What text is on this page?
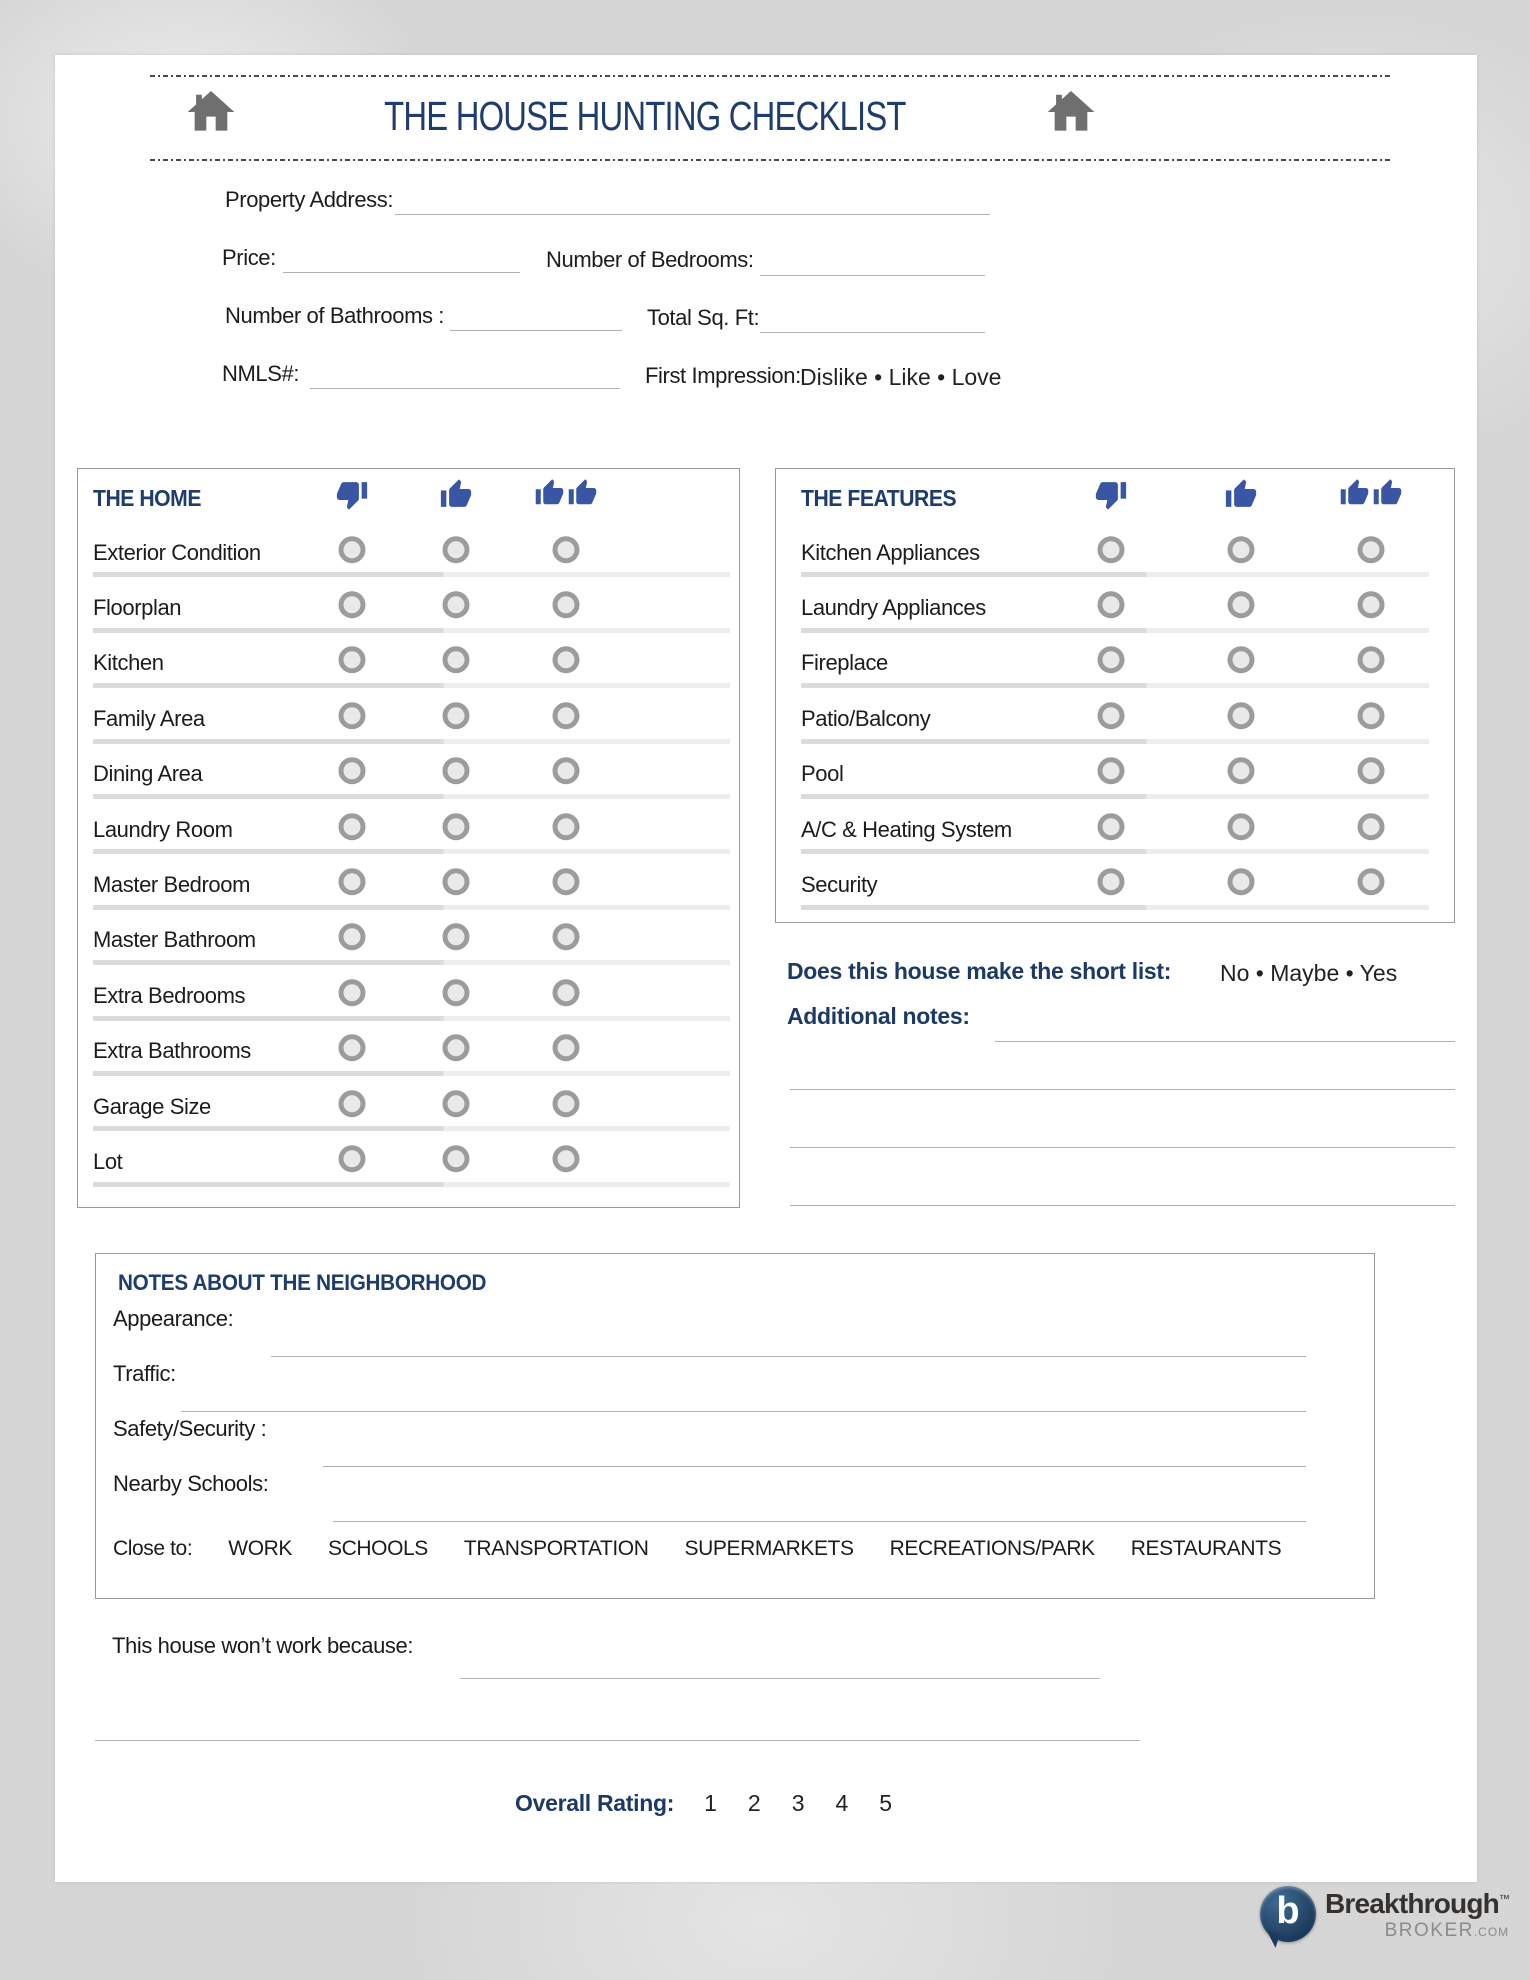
THE HOUSE HUNTING CHECKLIST
Property Address:
Price:	Number of Bedrooms:
Number of Bathrooms :	Total Sq. Ft:
NMLS#:	First Impression: Dislike • Like • Love
THE HOME
Exterior Condition
Floorplan
Kitchen
Family Area
Dining Area
Laundry Room
Master Bedroom
Master Bathroom
Extra Bedrooms
Extra Bathrooms
Garage Size
Lot
THE FEATURES
Kitchen Appliances
Laundry Appliances
Fireplace
Patio/Balcony
Pool
A/C & Heating System
Security
Does this house make the short list: No • Maybe • Yes
Additional notes:
NOTES ABOUT THE NEIGHBORHOOD
Appearance:
Traffic:
Safety/Security :
Nearby Schools:
Close to: WORK SCHOOLS TRANSPORTATION SUPERMARKETS RECREATIONS/PARK RESTAURANTS
This house won’t work because:
Overall Rating: 1 2 3 4 5
b Breakthrough™
BROKER.COM
